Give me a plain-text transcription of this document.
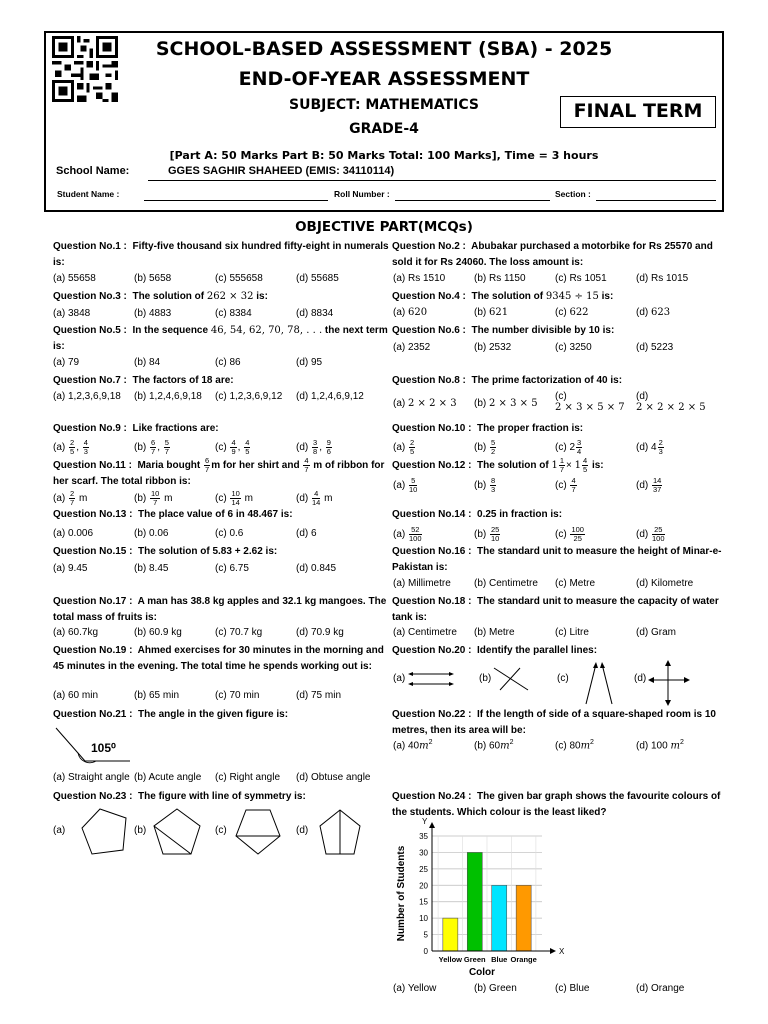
SCHOOL-BASED ASSESSMENT (SBA) - 2025
END-OF-YEAR ASSESSMENT
SUBJECT: MATHEMATICS
GRADE-4
FINAL TERM
[Part A: 50 Marks Part B: 50 Marks Total: 100 Marks], Time = 3 hours
School Name:	GGES SAGHIR SHAHEED (EMIS: 34110114)
Student Name :	Roll Number :	Section :
OBJECTIVE PART(MCQs)
Question No.1 : Fifty-five thousand six hundred fifty-eight in numerals is:
(a) 55658	(b) 5658	(c) 555658	(d) 55685
Question No.3 : The solution of 262 × 32 is:
(a) 3848	(b) 4883	(c) 8384	(d) 8834
Question No.5 : In the sequence 46, 54, 62, 70, 78, . . . the next term is:
(a) 79	(b) 84	(c) 86	(d) 95
Question No.7 : The factors of 18 are:
(a) 1,2,3,6,9,18 (b) 1,2,4,6,9,18 (c) 1,2,3,6,9,12 (d) 1,2,4,6,9,12
Question No.9 : Like fractions are:
$(a) \frac{2}{5}$ , $\frac{4}{3}$	$(b) \frac{6}{7}$ , $\frac{5}{7}$	$(c) \frac{4}{9}$ , $\frac{4}{5}$	$(d) \frac{3}{8}$ , $\frac{9}{6}$
Question No.11 : Maria bought $\frac{6}{7}$ m for her shirt and $\frac{4}{7}$ m of ribbon for her scarf. The total ribbon is:
$(a) \frac{2}{7}$ m	$(b) \frac{10}{7}$ m	$(c) \frac{10}{14}$ m	$(d) \frac{4}{14}$ m
Question No.13 : The place value of 6 in 48.467 is:
(a) 0.006	(b) 0.06	(c) 0.6	(d) 6
Question No.15 : The solution of 5.83 + 2.62 is:
(a) 9.45	(b) 8.45	(c) 6.75	(d) 0.845
Question No.17 : A man has 38.8 kg apples and 32.1 kg mangoes. The total mass of fruits is:
(a) 60.7kg	(b) 60.9 kg	(c) 70.7 kg	(d) 70.9 kg
Question No.19 : Ahmed exercises for 30 minutes in the morning and 45 minutes in the evening. The total time he spends working out is:
(a) 60 min	(b) 65 min	(c) 70 min	(d) 75 min
Question No.21 : The angle in the given figure is:
105⁰
(a) Straight angle (b) Acute angle (c) Right angle (d) Obtuse angle
Question No.23 : The figure with line of symmetry is:
(a)	(b)	(c)	(d)
Question No.2 : Abubakar purchased a motorbike for Rs 25570 and sold it for Rs 24060. The loss amount is:
(a) Rs 1510	(b) Rs 1150	(c) Rs 1051	(d) Rs 1015
Question No.4 : The solution of 9345 ÷ 15 is:
(a) 620	(b) 621	(c) 622	(d) 623
Question No.6 : The number divisible by 10 is:
(a) 2352	(b) 2532	(c) 3250	(d) 5223
Question No.8 : The prime factorization of 40 is:
(a) 2 × 2 × 3 (b) 2 × 3 × 5
(c)
2 × 3 × 5 × 7
(d)
2 × 2 × 2 × 5
Question No.10 : The proper fraction is:
$(a) \frac{2}{5}$	$(b) \frac{5}{2}$	(c) $2 \frac{3}{4}$	(d) $4 \frac{2}{3}$
Question No.12 : The solution of $1 \frac{1}{7} \times 1 \frac{4}{5}$ is:
$(a) \frac{5}{10}$	$(b) \frac{8}{3}$	$(c) \frac{4}{7}$	$(d) \frac{14}{37}$
Question No.14 : 0.25 in fraction is:
$(a) \frac{52}{100}$	$(b) \frac{25}{10}$	$(c) \frac{100}{25}$	$(d) \frac{25}{100}$
Question No.16 : The standard unit to measure the height of Minar-e-Pakistan is:
(a) Millimetre (b) Centimetre (c) Metre	(d) Kilometre
Question No.18 : The standard unit to measure the capacity of water tank is:
(a) Centimetre (b) Metre	(c) Litre	(d) Gram
Question No.20 : Identify the parallel lines:
(a)	(b)	(c)	(d)
Question No.22 : If the length of side of a square-shaped room is 10 metres, then its area will be:
(a) $40m^2$	(b) $60m^2$	(c) $80m^2$	(d) 100 $m^2$
Question No.24 : The given bar graph shows the favourite colours of the students. Which colour is the least liked?
0
5
10
15
20
25
30
35
Yellow Green Blue Orange
Y
X
Color
Number of Students
(a) Yellow	(b) Green	(c) Blue	(d) Orange
